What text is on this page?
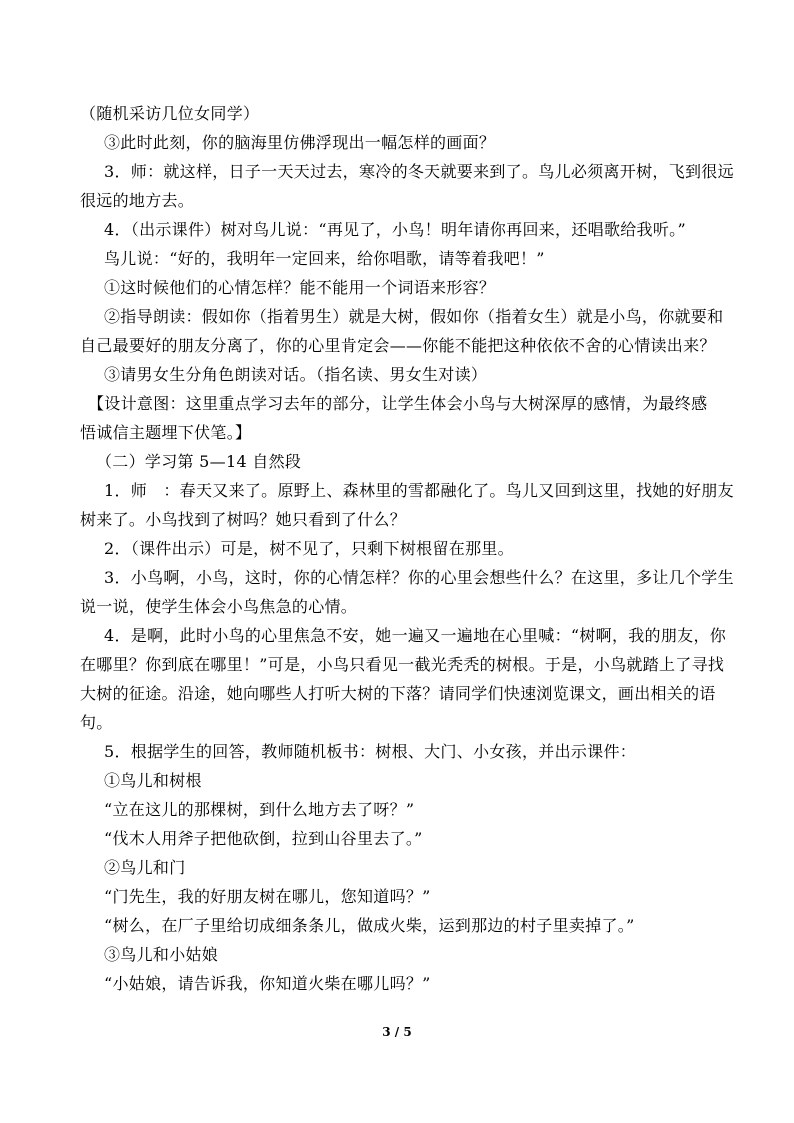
（随机采访几位女同学）
③此时此刻，你的脑海里仿佛浮现出一幅怎样的画面？
3．师：就这样，日子一天天过去，寒冷的冬天就要来到了。鸟儿必须离开树，飞到很远
很远的地方去。
4．（出示课件）树对鸟儿说：“再见了，小鸟！明年请你再回来，还唱歌给我听。”
鸟儿说：“好的，我明年一定回来，给你唱歌，请等着我吧！”
①这时候他们的心情怎样？能不能用一个词语来形容？
②指导朗读：假如你（指着男生）就是大树，假如你（指着女生）就是小鸟，你就要和
自己最要好的朋友分离了，你的心里肯定会——你能不能把这种依依不舍的心情读出来？
③请男女生分角色朗读对话。（指名读、男女生对读）
【设计意图：这里重点学习去年的部分，让学生体会小鸟与大树深厚的感情，为最终感
悟诚信主题埋下伏笔。】
（二）学习第 5—14 自然段
1．师　：春天又来了。原野上、森林里的雪都融化了。鸟儿又回到这里，找她的好朋友
树来了。小鸟找到了树吗？她只看到了什么？
2．（课件出示）可是，树不见了，只剩下树根留在那里。
3．小鸟啊，小鸟，这时，你的心情怎样？你的心里会想些什么？在这里，多让几个学生
说一说，使学生体会小鸟焦急的心情。
4．是啊，此时小鸟的心里焦急不安，她一遍又一遍地在心里喊：“树啊，我的朋友，你
在哪里？你到底在哪里！”可是，小鸟只看见一截光秃秃的树根。于是，小鸟就踏上了寻找
大树的征途。沿途，她向哪些人打听大树的下落？请同学们快速浏览课文，画出相关的语
句。
5．根据学生的回答，教师随机板书：树根、大门、小女孩，并出示课件：
①鸟儿和树根
“立在这儿的那棵树，到什么地方去了呀？”
“伐木人用斧子把他砍倒，拉到山谷里去了。”
②鸟儿和门
“门先生，我的好朋友树在哪儿，您知道吗？”
“树么，在厂子里给切成细条条儿，做成火柴，运到那边的村子里卖掉了。”
③鸟儿和小姑娘
“小姑娘，请告诉我，你知道火柴在哪儿吗？”
3 / 5
